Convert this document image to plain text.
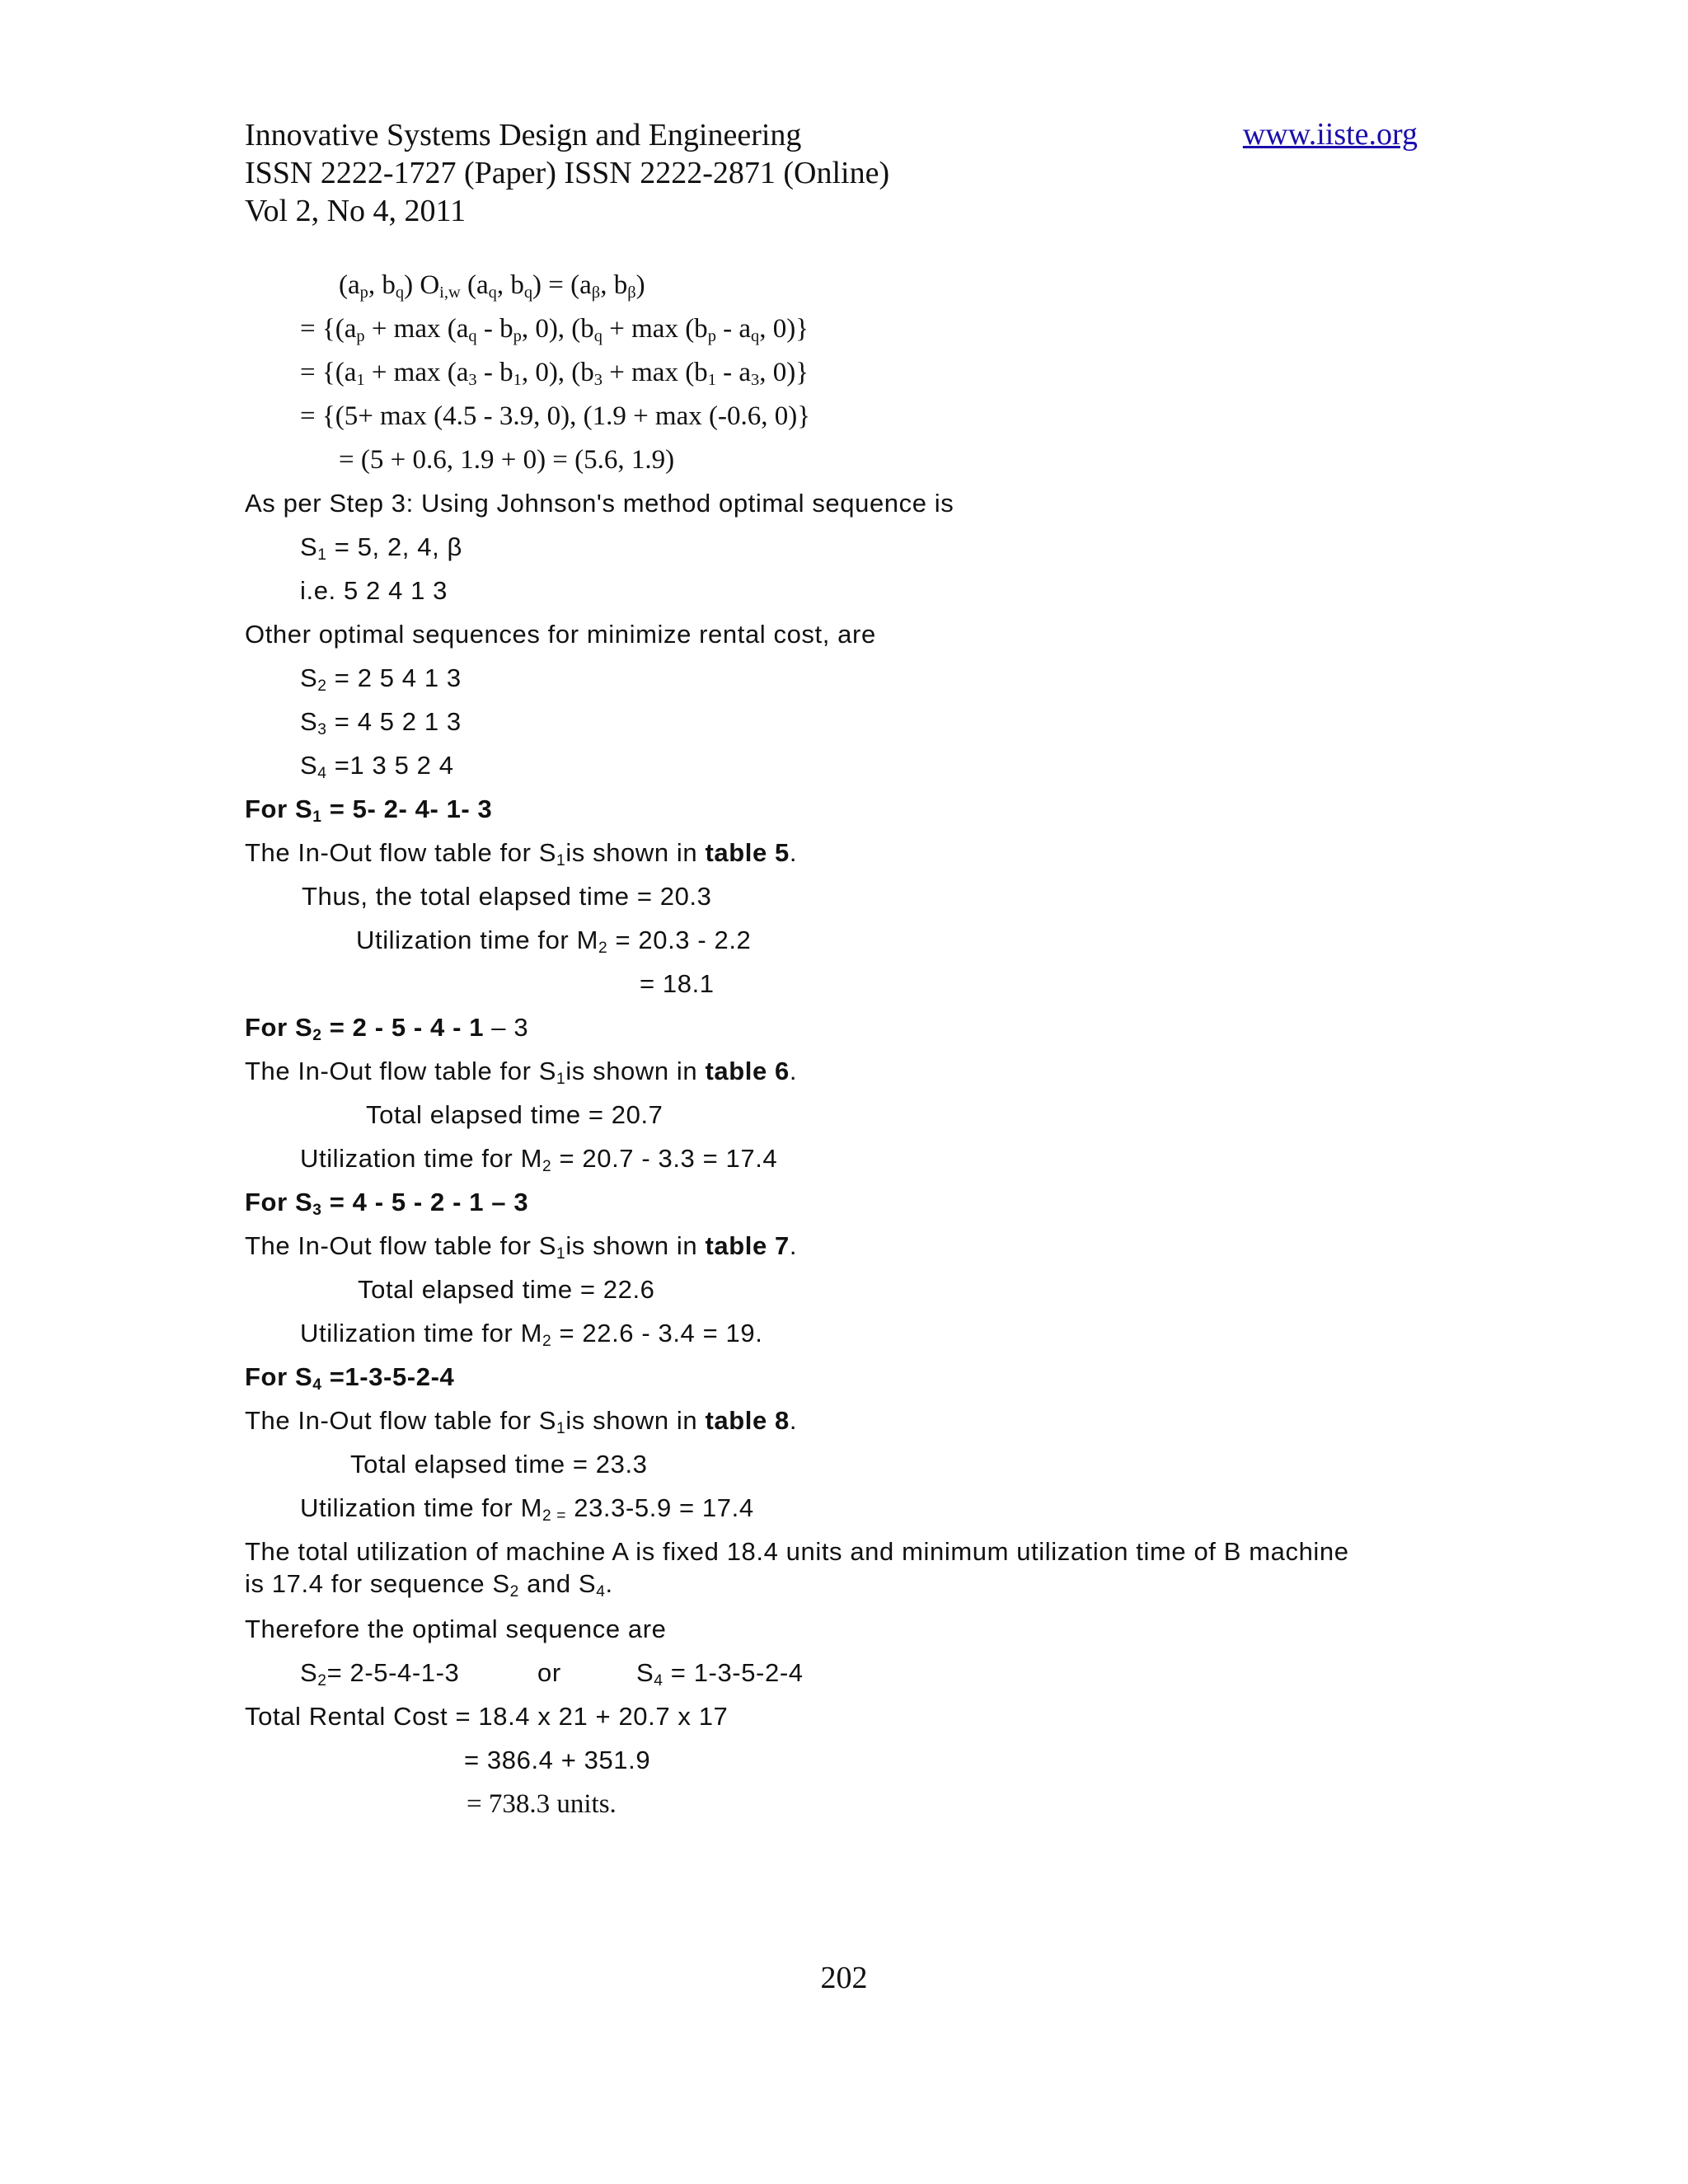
Innovative Systems Design and Engineering	www.iiste.org
ISSN 2222-1727 (Paper) ISSN 2222-2871 (Online)
Vol 2, No 4, 2011
($a_p$, $b_q$) $O_{i,w}$ ($a_q$, $b_q) = (a_\beta$, $b_\beta$)
= {($a_p + \max (a_q - b_p$, 0), ($b_q + \max (b_p - a_q$, 0)}
= {($a_1 + \max (a_3 - b_1$, 0), ($b_3 + \max (b_1 - a_3$, 0)}
= {(5+ max (4.5 - 3.9, 0), (1.9 + max (-0.6, 0)}
= (5 + 0.6, 1.9 + 0) = (5.6, 1.9)
As per Step 3: Using Johnson's method optimal sequence is
$S_1 = 5$, 2, 4, β
i.e. 5 2 4 1 3
Other optimal sequences for minimize rental cost, are
$S_2 = 2$ 5 4 1 3
$S_3 = 4$ 5 2 1 3
$S_4 =1$ 3 5 2 4
For $S_1 = 5-$ 2- 4- 1- 3
The In-Out flow table for $S_1is$ shown in table 5.
Thus, the total elapsed time = 20.3
Utilization time for $M_2 = 20.3 - 2.2$
= 18.1
For $S_2 = 2 - 5 - 4 - 1 - 3$
The In-Out flow table for $S_1is$ shown in table 6.
Total elapsed time = 20.7
Utilization time for $M_2 = 20.7 - 3.3 = 17.4$
For $S_3 = 4 - 5 - 2 - 1 - 3$
The In-Out flow table for $S_1is$ shown in table 7.
Total elapsed time = 22.6
Utilization time for $M_2 = 22.6 - 3.4 = 19$.
For $S_4 =1-3-5-2-4$
The In-Out flow table for $S_1is$ shown in table 8.
Total elapsed time = 23.3
Utilization time for $M_{2 =}$ 23.3-5.9 = 17.4
The total utilization of machine A is fixed 18.4 units and minimum utilization time of B machine
is 17.4 for sequence $S_2$ and $S_4$.
Therefore the optimal sequence are
$S_2= 2-5-4-1-3$	or	$S_4 = 1-3-5-2-4$
Total Rental Cost = 18.4 x 21 + 20.7 x 17
= 386.4 + 351.9
= 738.3 units.
202
